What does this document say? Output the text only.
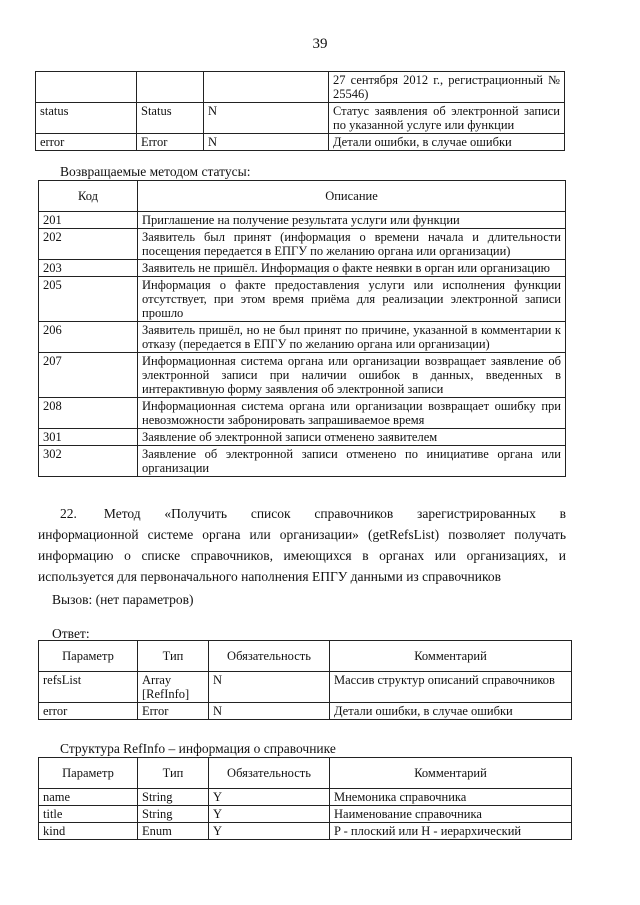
39
			27 сентября 2012 г., регистрационный № 25546)
status	Status	N	Статус заявления об электронной записи по указанной услуге или функции
error	Error	N	Детали ошибки, в случае ошибки
Возвращаемые методом статусы:
Код	Описание
201	Приглашение на получение результата услуги или функции
202	Заявитель был принят (информация о времени начала и длительности посещения передается в ЕПГУ по желанию органа или организации)
203	Заявитель не пришёл. Информация о факте неявки в орган или организацию
205	Информация о факте предоставления услуги или исполнения функции отсутствует, при этом время приёма для реализации электронной записи прошло
206	Заявитель пришёл, но не был принят по причине, указанной в комментарии к отказу (передается в ЕПГУ по желанию органа или организации)
207	Информационная система органа или организации возвращает заявление об электронной записи при наличии ошибок в данных, введенных в интерактивную форму заявления об электронной записи
208	Информационная система органа или организации возвращает ошибку при невозможности забронировать запрашиваемое время
301	Заявление об электронной записи отменено заявителем
302	Заявление об электронной записи отменено по инициативе органа или организации

22.  Метод «Получить список справочников зарегистрированных в информационной системе органа или организации» (getRefsList) позволяет получать информацию о списке справочников, имеющихся в органах или организациях, и используется для первоначального наполнения ЕПГУ данными из справочников

Вызов: (нет параметров)
Ответ:
Параметр	Тип	Обязательность	Комментарий
refsList	Array [RefInfo]	N	Массив структур описаний справочников
error	Error	N	Детали ошибки, в случае ошибки
Структура RefInfo – информация о справочнике
Параметр	Тип	Обязательность	Комментарий
name	String	Y	Мнемоника справочника
title	String	Y	Наименование справочника
kind	Enum	Y	P - плоский или H - иерархический
